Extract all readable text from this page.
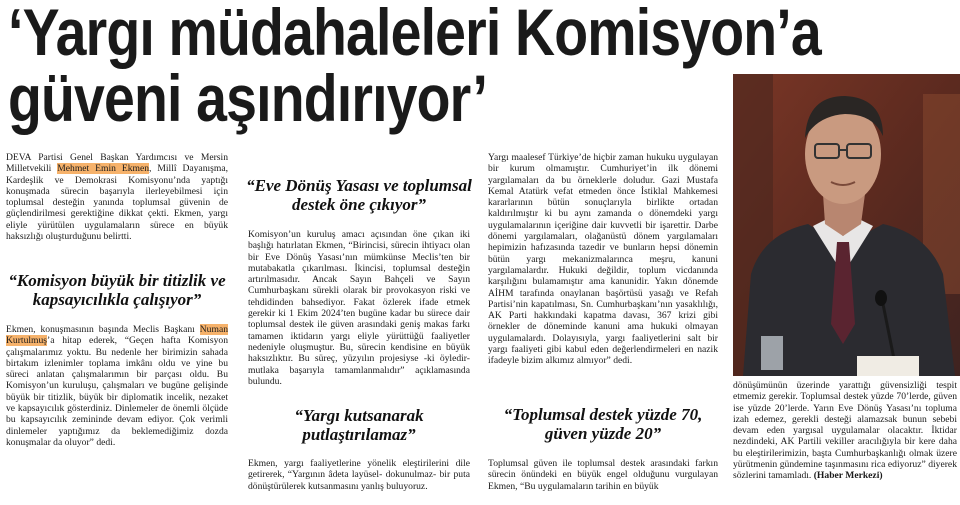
‘Yargı müdahaleleri Komisyon’a
güveni aşındırıyor’

DEVA Partisi Genel Başkan Yardımcısı ve Mersin Milletvekili Mehmet Emin Ekmen, Millî Dayanışma, Kardeşlik ve Demokrasi Komisyonu’nda yaptığı konuşmada sürecin başarıyla ilerleyebilmesi için toplumsal desteğin yanında toplumsal güvenin de güçlendirilmesi gerektiğine dikkat çekti. Ekmen, yargı eliyle yürütülen uygulamaların sürece en büyük haksızlığı oluşturduğunu belirtti.

“Komisyon büyük bir titizlik ve kapsayıcılıkla çalışıyor”

Ekmen, konuşmasının başında Meclis Başkanı Numan Kurtulmuş’a hitap ederek, “Geçen hafta Komisyon çalışmalarımız yoktu. Bu nedenle her birimizin sahada birtakım izlenimler toplama imkânı oldu ve yine bu süreci anlatan çalışmalarımın bir parçası oldu. Bu Komisyon’un kuruluşu, çalışmaları ve bugüne gelişinde büyük bir titizlik, büyük bir diplomatik incelik, nezaket ve kapsayıcılık gösterdiniz. Dinlemeler de önemli ölçüde bu kapsayıcılık zemininde devam ediyor. Çok verimli dinlemeler yaptığımız da beklemediğimiz dozda konuşmalar da oluyor” dedi.

“Eve Dönüş Yasası ve toplumsal destek öne çıkıyor”

Komisyon’un kuruluş amacı açısından öne çıkan iki başlığı hatırlatan Ekmen, “Birincisi, sürecin ihtiyacı olan bir Eve Dönüş Yasası’nın mümkünse Meclis’ten bir mutabakatla çıkarılması. İkincisi, toplumsal desteğin artırılmasıdır. Ancak Sayın Bahçeli ve Sayın Cumhurbaşkanı sürekli olarak bir provokasyon riski ve tehdidinden bahsediyor. Fakat özlerek ifade etmek gerekir ki 1 Ekim 2024’ten bugüne kadar bu sürece dair toplumsal destek ile güven arasındaki geniş makas farkı tamamen iktidarın yargı eliyle yürüttüğü faaliyetler nedeniyle oluşmuştur. Bu, sürecin kendisine en büyük haksızlıktır. Bu süreç, yüzyılın projesiyse -ki öyledir- mutlaka başarıyla tamamlanmalıdır” açıklamasında bulundu.

“Yargı kutsanarak putlaştırılamaz”

Ekmen, yargı faaliyetlerine yönelik eleştirilerini dile getirerek, “Yargının âdeta layüsel- dokunulmaz- bir puta dönüştürülerek kutsanmasını yanlış buluyoruz.

Yargı maalesef Türkiye’de hiçbir zaman hukuku uygulayan bir kurum olmamıştır. Cumhuriyet’in ilk dönemi yargılamaları da bu örneklerle doludur. Gazi Mustafa Kemal Atatürk vefat etmeden önce İstiklal Mahkemesi kararlarının bütün sonuçlarıyla birlikte ortadan kaldırılmıştır ki bu aynı zamanda o dönemdeki yargı uygulamalarının içeriğine dair kuvvetli bir işarettir. Darbe dönemi yargılamaları, olağanüstü dönem yargılamaları hepimizin hafızasında tazedir ve bunların hepsi dönemin bütün yargı mekanizmalarınca meşru, kanuni yargılamalardır. Hukuki değildir, toplum vicdanında karşılığını bulamamıştır ama kanunidir. Yakın dönemde AİHM tarafında onaylanan başörtüsü yasağı ve Refah Partisi’nin kapatılması, Sn. Cumhurbaşkanı’nın yasaklılığı, AK Parti hakkındaki kapatma davası, 367 krizi gibi örnekler de döneminde kanuni ama hukuki olmayan uygulamalardı. Dolayısıyla, yargı faaliyetlerini salt bir yargı faaliyeti gibi kabul eden değerlendirmeleri en nazik ifadeyle bizim alkımız almıyor” dedi.

“Toplumsal destek yüzde 70, güven yüzde 20”

Toplumsal güven ile toplumsal destek arasındaki farkın sürecin önündeki en büyük engel olduğunu vurgulayan Ekmen, “Bu uygulamaların tarihin en büyük

dönüşümünün üzerinde yarattığı güvensizliği tespit etmemiz gerekir. Toplumsal destek yüzde 70’lerde, güven ise yüzde 20’lerde. Yarın Eve Dönüş Yasası’nı topluma izah edemez, gerekli desteği alamazsak bunun sebebi devam eden yargısal uygulamalar olacaktır. İktidar nezdindeki, AK Partili vekiller aracılığıyla bir kere daha bu eleştirilerimizin, başta Cumhurbaşkanlığı olmak üzere yürütmenin gündemine taşınmasını rica ediyoruz” diyerek sözlerini tamamladı. (Haber Merkezi)
